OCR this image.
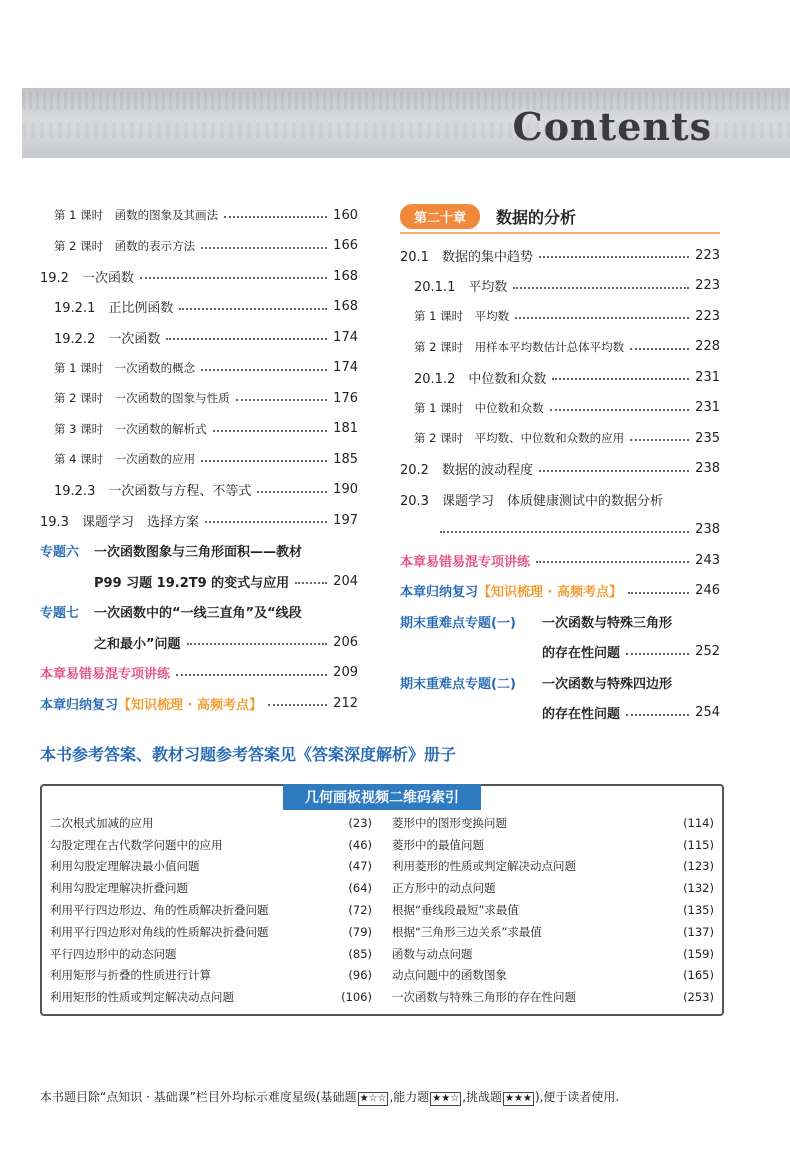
Contents
第 1 课时　函数的图象及其画法	160
第 2 课时　函数的表示方法	166
19.2　一次函数	168
19.2.1　正比例函数	168
19.2.2　一次函数	174
第 1 课时　一次函数的概念	174
第 2 课时　一次函数的图象与性质	176
第 3 课时　一次函数的解析式	181
第 4 课时　一次函数的应用	185
19.2.3　一次函数与方程、不等式	190
19.3　课题学习　选择方案	197
专题六	一次函数图象与三角形面积——教材
P99 习题 19.2T9 的变式与应用	204
专题七	一次函数中的“一线三直角”及“线段
之和最小”问题	206
本章易错易混专项讲练	209
本章归纳复习 【知识梳理 · 高频考点】	212
第二十章	数据的分析
20.1　数据的集中趋势	223
20.1.1　平均数	223
第 1 课时　平均数	223
第 2 课时　用样本平均数估计总体平均数	228
20.1.2　中位数和众数	231
第 1 课时　中位数和众数	231
第 2 课时　平均数、中位数和众数的应用	235
20.2　数据的波动程度	238
20.3　课题学习　体质健康测试中的数据分析
238
本章易错易混专项讲练	243
本章归纳复习 【知识梳理 · 高频考点】	246
期末重难点专题(一)	一次函数与特殊三角形
的存在性问题	252
期末重难点专题(二)	一次函数与特殊四边形
的存在性问题	254
本书参考答案、教材习题参考答案见《答案深度解析》册子
几何画板视频二维码索引
二次根式加减的应用	(23)
勾股定理在古代数学问题中的应用	(46)
利用勾股定理解决最小值问题	(47)
利用勾股定理解决折叠问题	(64)
利用平行四边形边、角的性质解决折叠问题	(72)
利用平行四边形对角线的性质解决折叠问题	(79)
平行四边形中的动态问题	(85)
利用矩形与折叠的性质进行计算	(96)
利用矩形的性质或判定解决动点问题	(106)
菱形中的图形变换问题	(114)
菱形中的最值问题	(115)
利用菱形的性质或判定解决动点问题	(123)
正方形中的动点问题	(132)
根据“垂线段最短”求最值	(135)
根据“三角形三边关系”求最值	(137)
函数与动点问题	(159)
动点问题中的函数图象	(165)
一次函数与特殊三角形的存在性问题	(253)
本书题目除“点知识 · 基础课”栏目外均标示难度星级(基础题 ★☆☆ ,能力题 ★★☆ ,挑战题 ★★★ ),便于读者使用.
